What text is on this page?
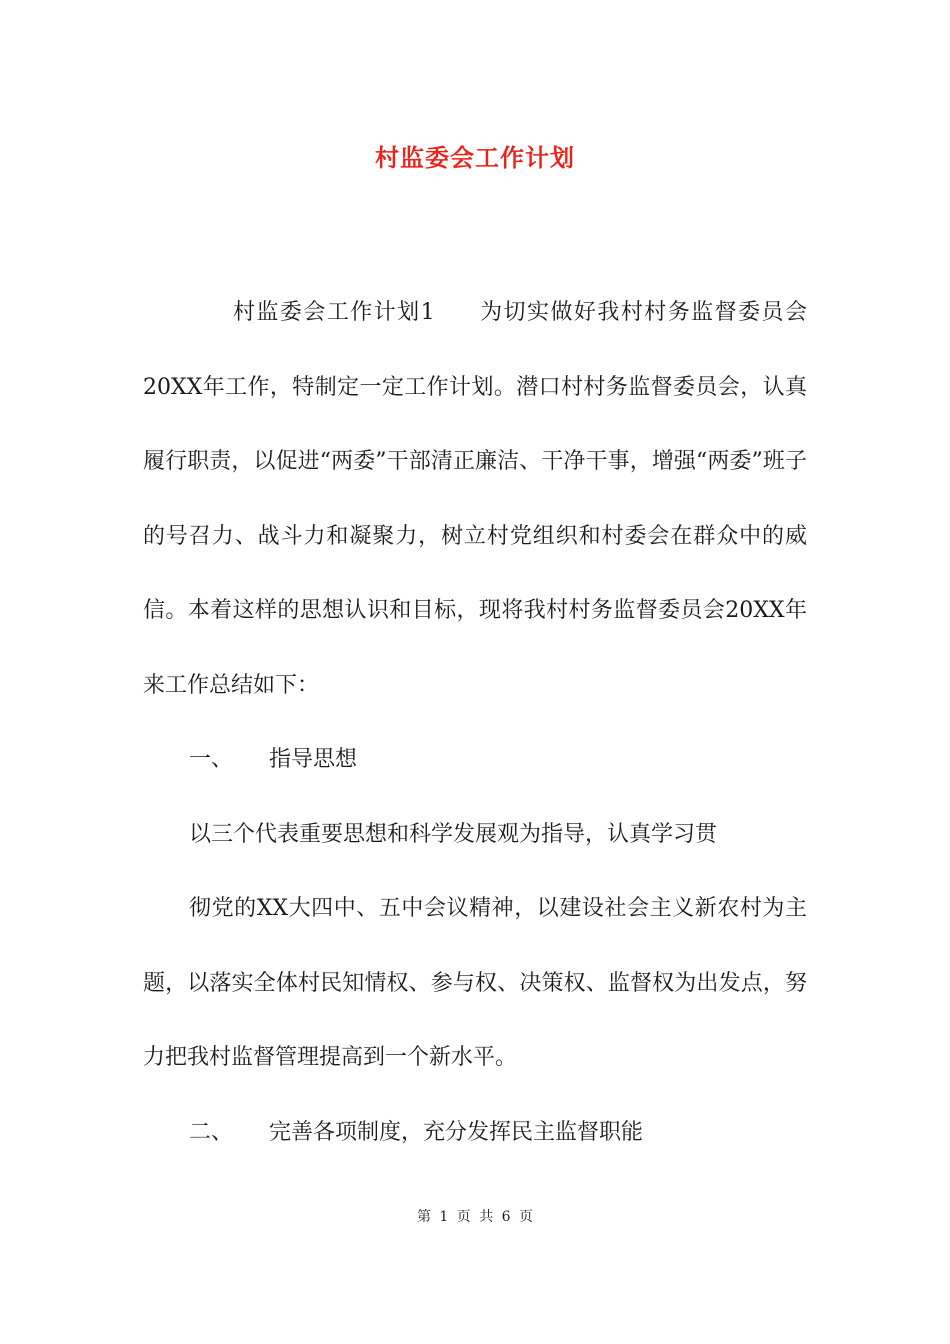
村监委会工作计划

村监委会工作计划1 为切实做好我村村务监督委员会20XX年工作，特制定一定工作计划。潜口村村务监督委员会，认真履行职责，以促进“两委”干部清正廉洁、干净干事，增强“两委”班子的号召力、战斗力和凝聚力，树立村党组织和村委会在群众中的威信。本着这样的思想认识和目标，现将我村村务监督委员会20XX年来工作总结如下：

一、 指导思想

以三个代表重要思想和科学发展观为指导，认真学习贯

彻党的XX大四中、五中会议精神，以建设社会主义新农村为主题，以落实全体村民知情权、参与权、决策权、监督权为出发点，努力把我村监督管理提高到一个新水平。

二、 完善各项制度，充分发挥民主监督职能

第 1 页 共 6 页
